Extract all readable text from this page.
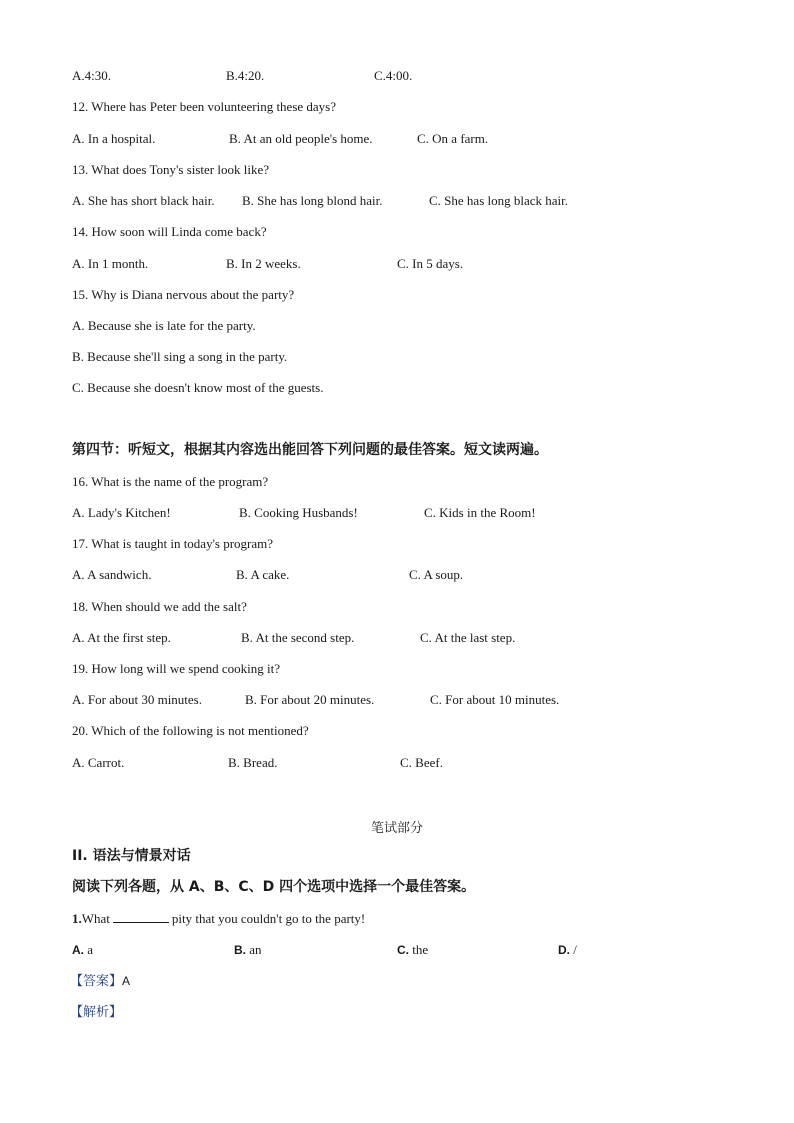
A.4:30.	B.4:20.	C.4:00.
12. Where has Peter been volunteering these days?
A. In a hospital.	B. At an old people's home.	C. On a farm.
13. What does Tony's sister look like?
A. She has short black hair. B. She has long blond hair.	C. She has long black hair.
14. How soon will Linda come back?
A. In 1 month.	B. In 2 weeks.	C. In 5 days.
15. Why is Diana nervous about the party?
A. Because she is late for the party.
B. Because she'll sing a song in the party.
C. Because she doesn't know most of the guests.
第四节：听短文，根据其内容选出能回答下列问题的最佳答案。短文读两遍。
16. What is the name of the program?
A. Lady's Kitchen!	B. Cooking Husbands!	C. Kids in the Room!
17. What is taught in today's program?
A. A sandwich.	B. A cake.	C. A soup.
18. When should we add the salt?
A. At the first step.	B. At the second step.	C. At the last step.
19. How long will we spend cooking it?
A. For about 30 minutes.	B. For about 20 minutes.	C. For about 10 minutes.
20. Which of the following is not mentioned?
A. Carrot.	B. Bread.	C. Beef.
笔试部分
II. 语法与情景对话
阅读下列各题，从 A、B、C、D 四个选项中选择一个最佳答案。
1.What	pity that you couldn't go to the party!
A. a	B. an	C. the	D. /
【答案】A
【解析】
